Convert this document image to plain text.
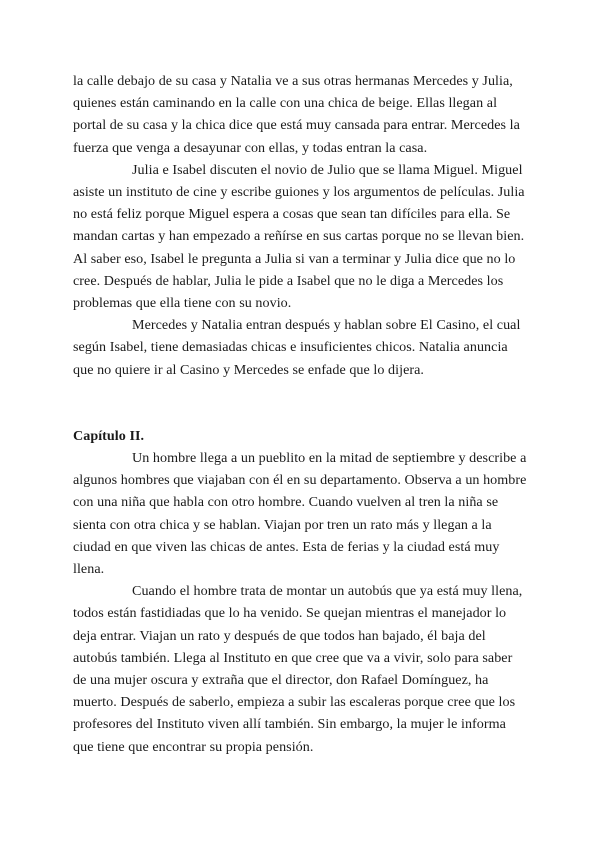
la calle debajo de su casa y Natalia ve a sus otras hermanas Mercedes y Julia, quienes están caminando en la calle con una chica de beige. Ellas llegan al portal de su casa y la chica dice que está muy cansada para entrar. Mercedes la fuerza que venga a desayunar con ellas, y todas entran la casa.

Julia e Isabel discuten el novio de Julio que se llama Miguel. Miguel asiste un instituto de cine y escribe guiones y los argumentos de películas. Julia no está feliz porque Miguel espera a cosas que sean tan difíciles para ella. Se mandan cartas y han empezado a reñírse en sus cartas porque no se llevan bien. Al saber eso, Isabel le pregunta a Julia si van a terminar y Julia dice que no lo cree. Después de hablar, Julia le pide a Isabel que no le diga a Mercedes los problemas que ella tiene con su novio.

Mercedes y Natalia entran después y hablan sobre El Casino, el cual según Isabel, tiene demasiadas chicas e insuficientes chicos. Natalia anuncia que no quiere ir al Casino y Mercedes se enfade que lo dijera.

Capítulo II.

Un hombre llega a un pueblito en la mitad de septiembre y describe a algunos hombres que viajaban con él en su departamento. Observa a un hombre con una niña que habla con otro hombre. Cuando vuelven al tren la niña se sienta con otra chica y se hablan. Viajan por tren un rato más y llegan a la ciudad en que viven las chicas de antes. Esta de ferias y la ciudad está muy llena.

Cuando el hombre trata de montar un autobús que ya está muy llena, todos están fastidiadas que lo ha venido. Se quejan mientras el manejador lo deja entrar. Viajan un rato y después de que todos han bajado, él baja del autobús también. Llega al Instituto en que cree que va a vivir, solo para saber de una mujer oscura y extraña que el director, don Rafael Domínguez, ha muerto. Después de saberlo, empieza a subir las escaleras porque cree que los profesores del Instituto viven allí también. Sin embargo, la mujer le informa que tiene que encontrar su propia pensión.
